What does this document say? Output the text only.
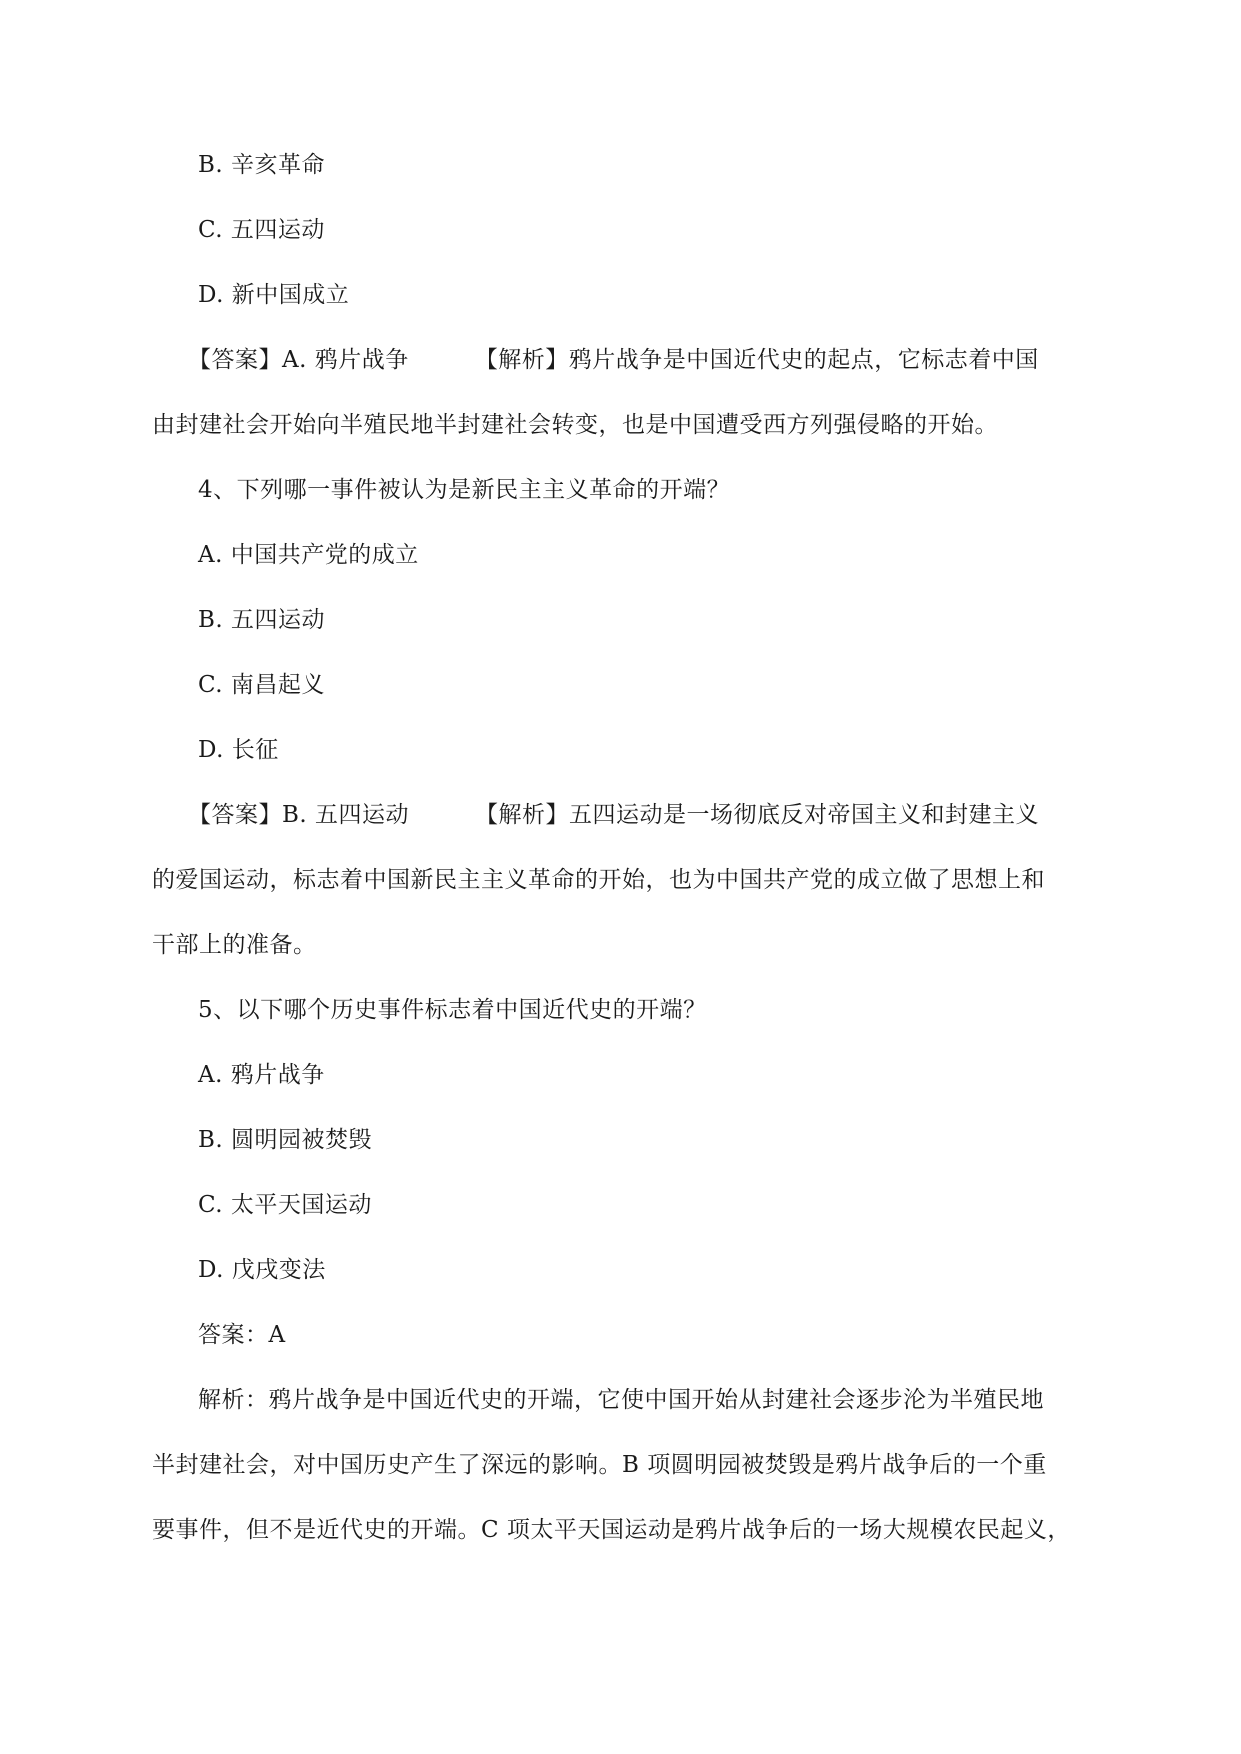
B. 辛亥革命
C. 五四运动
D. 新中国成立
【答案】A. 鸦片战争	【解析】鸦片战争是中国近代史的起点，它标志着中国
由封建社会开始向半殖民地半封建社会转变，也是中国遭受西方列强侵略的开始。
4、下列哪一事件被认为是新民主主义革命的开端？
A. 中国共产党的成立
B. 五四运动
C. 南昌起义
D. 长征
【答案】B. 五四运动	【解析】五四运动是一场彻底反对帝国主义和封建主义
的爱国运动，标志着中国新民主主义革命的开始，也为中国共产党的成立做了思想上和
干部上的准备。
5、以下哪个历史事件标志着中国近代史的开端？
A. 鸦片战争
B. 圆明园被焚毁
C. 太平天国运动
D. 戊戌变法
答案：A
解析：鸦片战争是中国近代史的开端，它使中国开始从封建社会逐步沦为半殖民地
半封建社会，对中国历史产生了深远的影响。B 项圆明园被焚毁是鸦片战争后的一个重
要事件，但不是近代史的开端。C 项太平天国运动是鸦片战争后的一场大规模农民起义，
